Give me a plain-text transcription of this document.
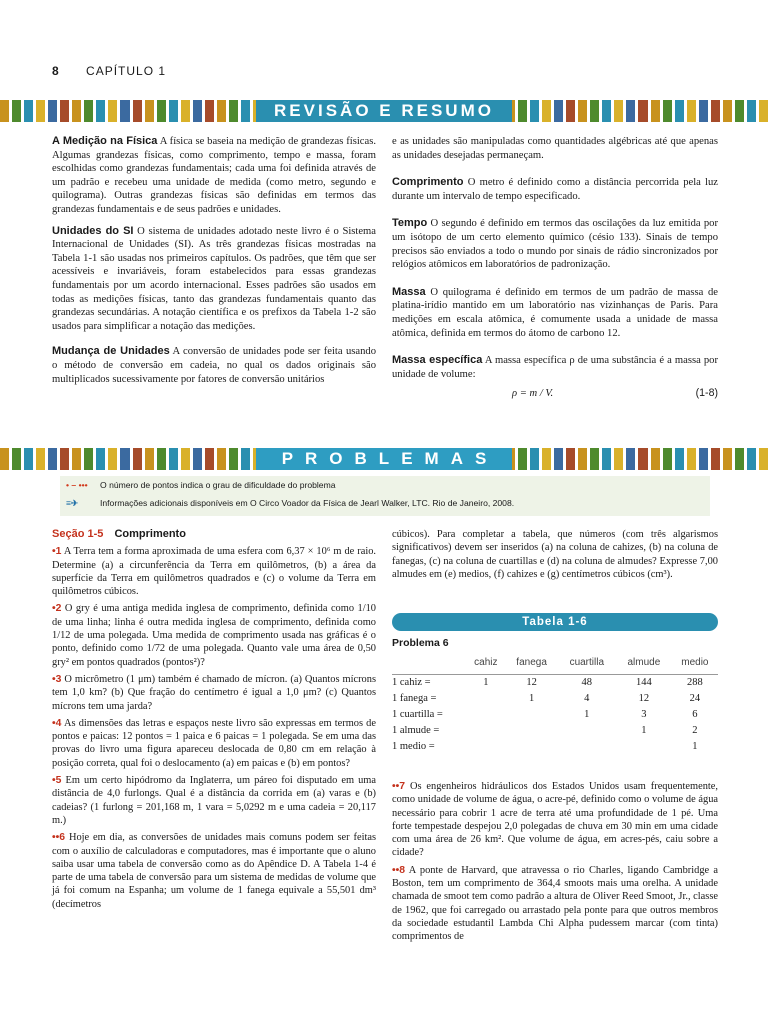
8 CAPÍTULO 1
REVISÃO E RESUMO

A Medição na Física A física se baseia na medição de grandezas físicas. Algumas grandezas físicas, como comprimento, tempo e massa, foram escolhidas como grandezas fundamentais; cada uma foi definida através de um padrão e recebeu uma unidade de medida (como metro, segundo e quilograma). Outras grandezas físicas são definidas em termos das grandezas fundamentais e de seus padrões e unidades.

Unidades do SI O sistema de unidades adotado neste livro é o Sistema Internacional de Unidades (SI). As três grandezas físicas mostradas na Tabela 1-1 são usadas nos primeiros capítulos. Os padrões, que têm que ser acessíveis e invariáveis, foram estabelecidos para essas grandezas fundamentais por um acordo internacional. Esses padrões são usados em todas as medições físicas, tanto das grandezas fundamentais quanto das grandezas secundárias. A notação científica e os prefixos da Tabela 1-2 são usados para simplificar a notação das medições.

Mudança de Unidades A conversão de unidades pode ser feita usando o método de conversão em cadeia, no qual os dados originais são multiplicados sucessivamente por fatores de conversão unitários

e as unidades são manipuladas como quantidades algébricas até que apenas as unidades desejadas permaneçam.

Comprimento O metro é definido como a distância percorrida pela luz durante um intervalo de tempo especificado.

Tempo O segundo é definido em termos das oscilações da luz emitida por um isótopo de um certo elemento químico (césio 133). Sinais de tempo precisos são enviados a todo o mundo por sinais de rádio sincronizados por relógios atômicos em laboratórios de padronização.

Massa O quilograma é definido em termos de um padrão de massa de platina-irídio mantido em um laboratório nas vizinhanças de Paris. Para medições em escala atômica, é comumente usada a unidade de massa atômica, definida em termos do átomo de carbono 12.

Massa específica A massa específica ρ de uma substância é a massa por unidade de volume:

ρ = m / V.	(1-8)
PROBLEMAS
• – •••	O número de pontos indica o grau de dificuldade do problema
≡✈	Informações adicionais disponíveis em O Circo Voador da Física de Jearl Walker, LTC. Rio de Janeiro, 2008.
Seção 1-5 Comprimento

•1 A Terra tem a forma aproximada de uma esfera com 6,37 × 10⁶ m de raio. Determine (a) a circunferência da Terra em quilômetros, (b) a área da superfície da Terra em quilômetros quadrados e (c) o volume da Terra em quilômetros cúbicos.

•2 O gry é uma antiga medida inglesa de comprimento, definida como 1/10 de uma linha; linha é outra medida inglesa de comprimento, definida como 1/12 de uma polegada. Uma medida de comprimento usada nas gráficas é o ponto, definido como 1/72 de uma polegada. Quanto vale uma área de 0,50 gry² em pontos quadrados (pontos²)?

•3 O micrômetro (1 μm) também é chamado de mícron. (a) Quantos mícrons tem 1,0 km? (b) Que fração do centímetro é igual a 1,0 μm? (c) Quantos mícrons tem uma jarda?

•4 As dimensões das letras e espaços neste livro são expressas em termos de pontos e paicas: 12 pontos = 1 paica e 6 paicas = 1 polegada. Se em uma das provas do livro uma figura apareceu deslocada de 0,80 cm em relação à posição correta, qual foi o deslocamento (a) em paicas e (b) em pontos?

•5 Em um certo hipódromo da Inglaterra, um páreo foi disputado em uma distância de 4,0 furlongs. Qual é a distância da corrida em (a) varas e (b) cadeias? (1 furlong = 201,168 m, 1 vara = 5,0292 m e uma cadeia = 20,117 m.)

••6 Hoje em dia, as conversões de unidades mais comuns podem ser feitas com o auxílio de calculadoras e computadores, mas é importante que o aluno saiba usar uma tabela de conversão como as do Apêndice D. A Tabela 1-4 é parte de uma tabela de conversão para um sistema de medidas de volume que já foi comum na Espanha; um volume de 1 fanega equivale a 55,501 dm³ (decímetros

cúbicos). Para completar a tabela, que números (com três algarismos significativos) devem ser inseridos (a) na coluna de cahizes, (b) na coluna de fanegas, (c) na coluna de cuartillas e (d) na coluna de almudes? Expresse 7,00 almudes em (e) medios, (f) cahizes e (g) centímetros cúbicos (cm³).

Tabela 1-6
Problema 6
	cahiz	fanega	cuartilla	almude	medio
1 cahiz =	1	12	48	144	288
1 fanega =		1	4	12	24
1 cuartilla =			1	3	6
1 almude =				1	2
1 medio =					1

••7 Os engenheiros hidráulicos dos Estados Unidos usam frequentemente, como unidade de volume de água, o acre-pé, definido como o volume de água necessário para cobrir 1 acre de terra até uma profundidade de 1 pé. Uma forte tempestade despejou 2,0 polegadas de chuva em 30 min em uma cidade com uma área de 26 km². Que volume de água, em acres-pés, caiu sobre a cidade?

••8 A ponte de Harvard, que atravessa o rio Charles, ligando Cambridge a Boston, tem um comprimento de 364,4 smoots mais uma orelha. A unidade chamada de smoot tem como padrão a altura de Oliver Reed Smoot, Jr., classe de 1962, que foi carregado ou arrastado pela ponte para que outros membros da sociedade estudantil Lambda Chi Alpha pudessem marcar (com tinta) comprimentos de
